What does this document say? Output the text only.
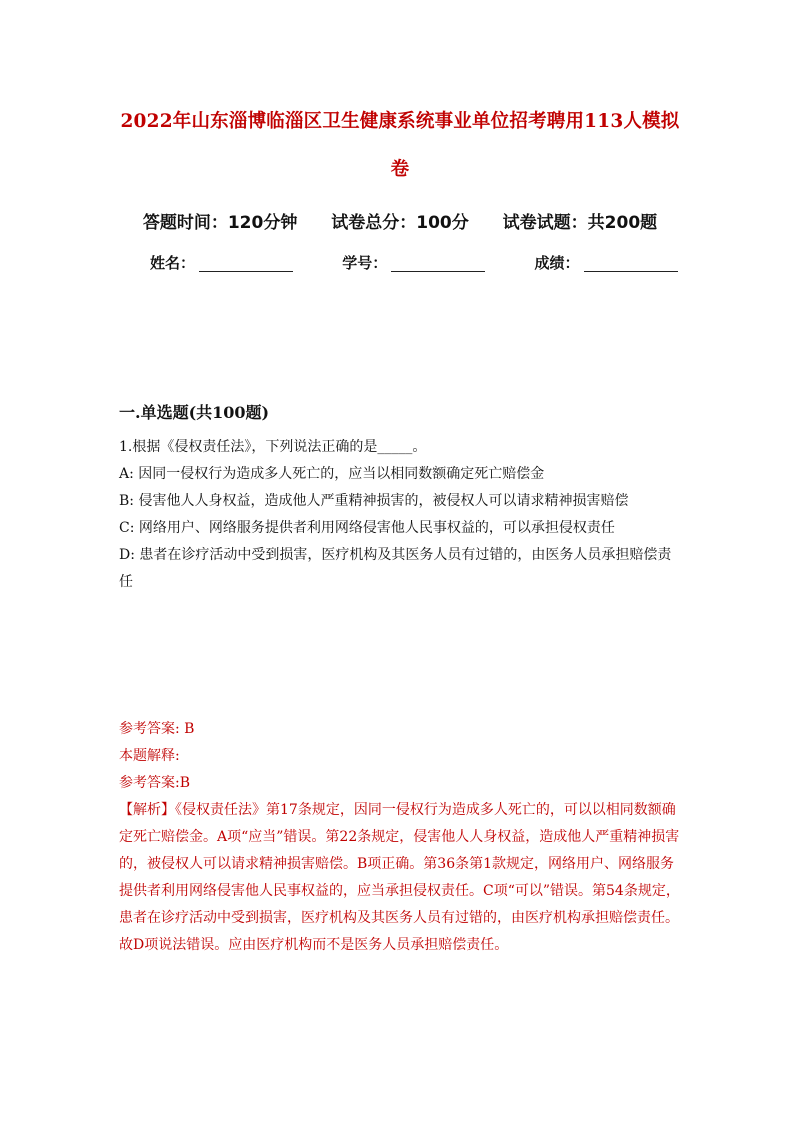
2022年山东淄博临淄区卫生健康系统事业单位招考聘用113人模拟
卷
答题时间：120分钟 试卷总分：100分 试卷试题：共200题
姓名：	学号：	成绩：
一.单选题(共100题)

1.根据《侵权责任法》，下列说法正确的是_____。

A: 因同一侵权行为造成多人死亡的，应当以相同数额确定死亡赔偿金

B: 侵害他人人身权益，造成他人严重精神损害的，被侵权人可以请求精神损害赔偿

C: 网络用户、网络服务提供者利用网络侵害他人民事权益的，可以承担侵权责任

D: 患者在诊疗活动中受到损害，医疗机构及其医务人员有过错的，由医务人员承担赔偿责任

参考答案: B

本题解释:

参考答案:B

【解析】《侵权责任法》第17条规定，因同一侵权行为造成多人死亡的，可以以相同数额确定死亡赔偿金。A项“应当”错误。第22条规定，侵害他人人身权益，造成他人严重精神损害的，被侵权人可以请求精神损害赔偿。B项正确。第36条第1款规定，网络用户、网络服务提供者利用网络侵害他人民事权益的，应当承担侵权责任。C项“可以”错误。第54条规定，患者在诊疗活动中受到损害，医疗机构及其医务人员有过错的，由医疗机构承担赔偿责任。故D项说法错误。应由医疗机构而不是医务人员承担赔偿责任。
